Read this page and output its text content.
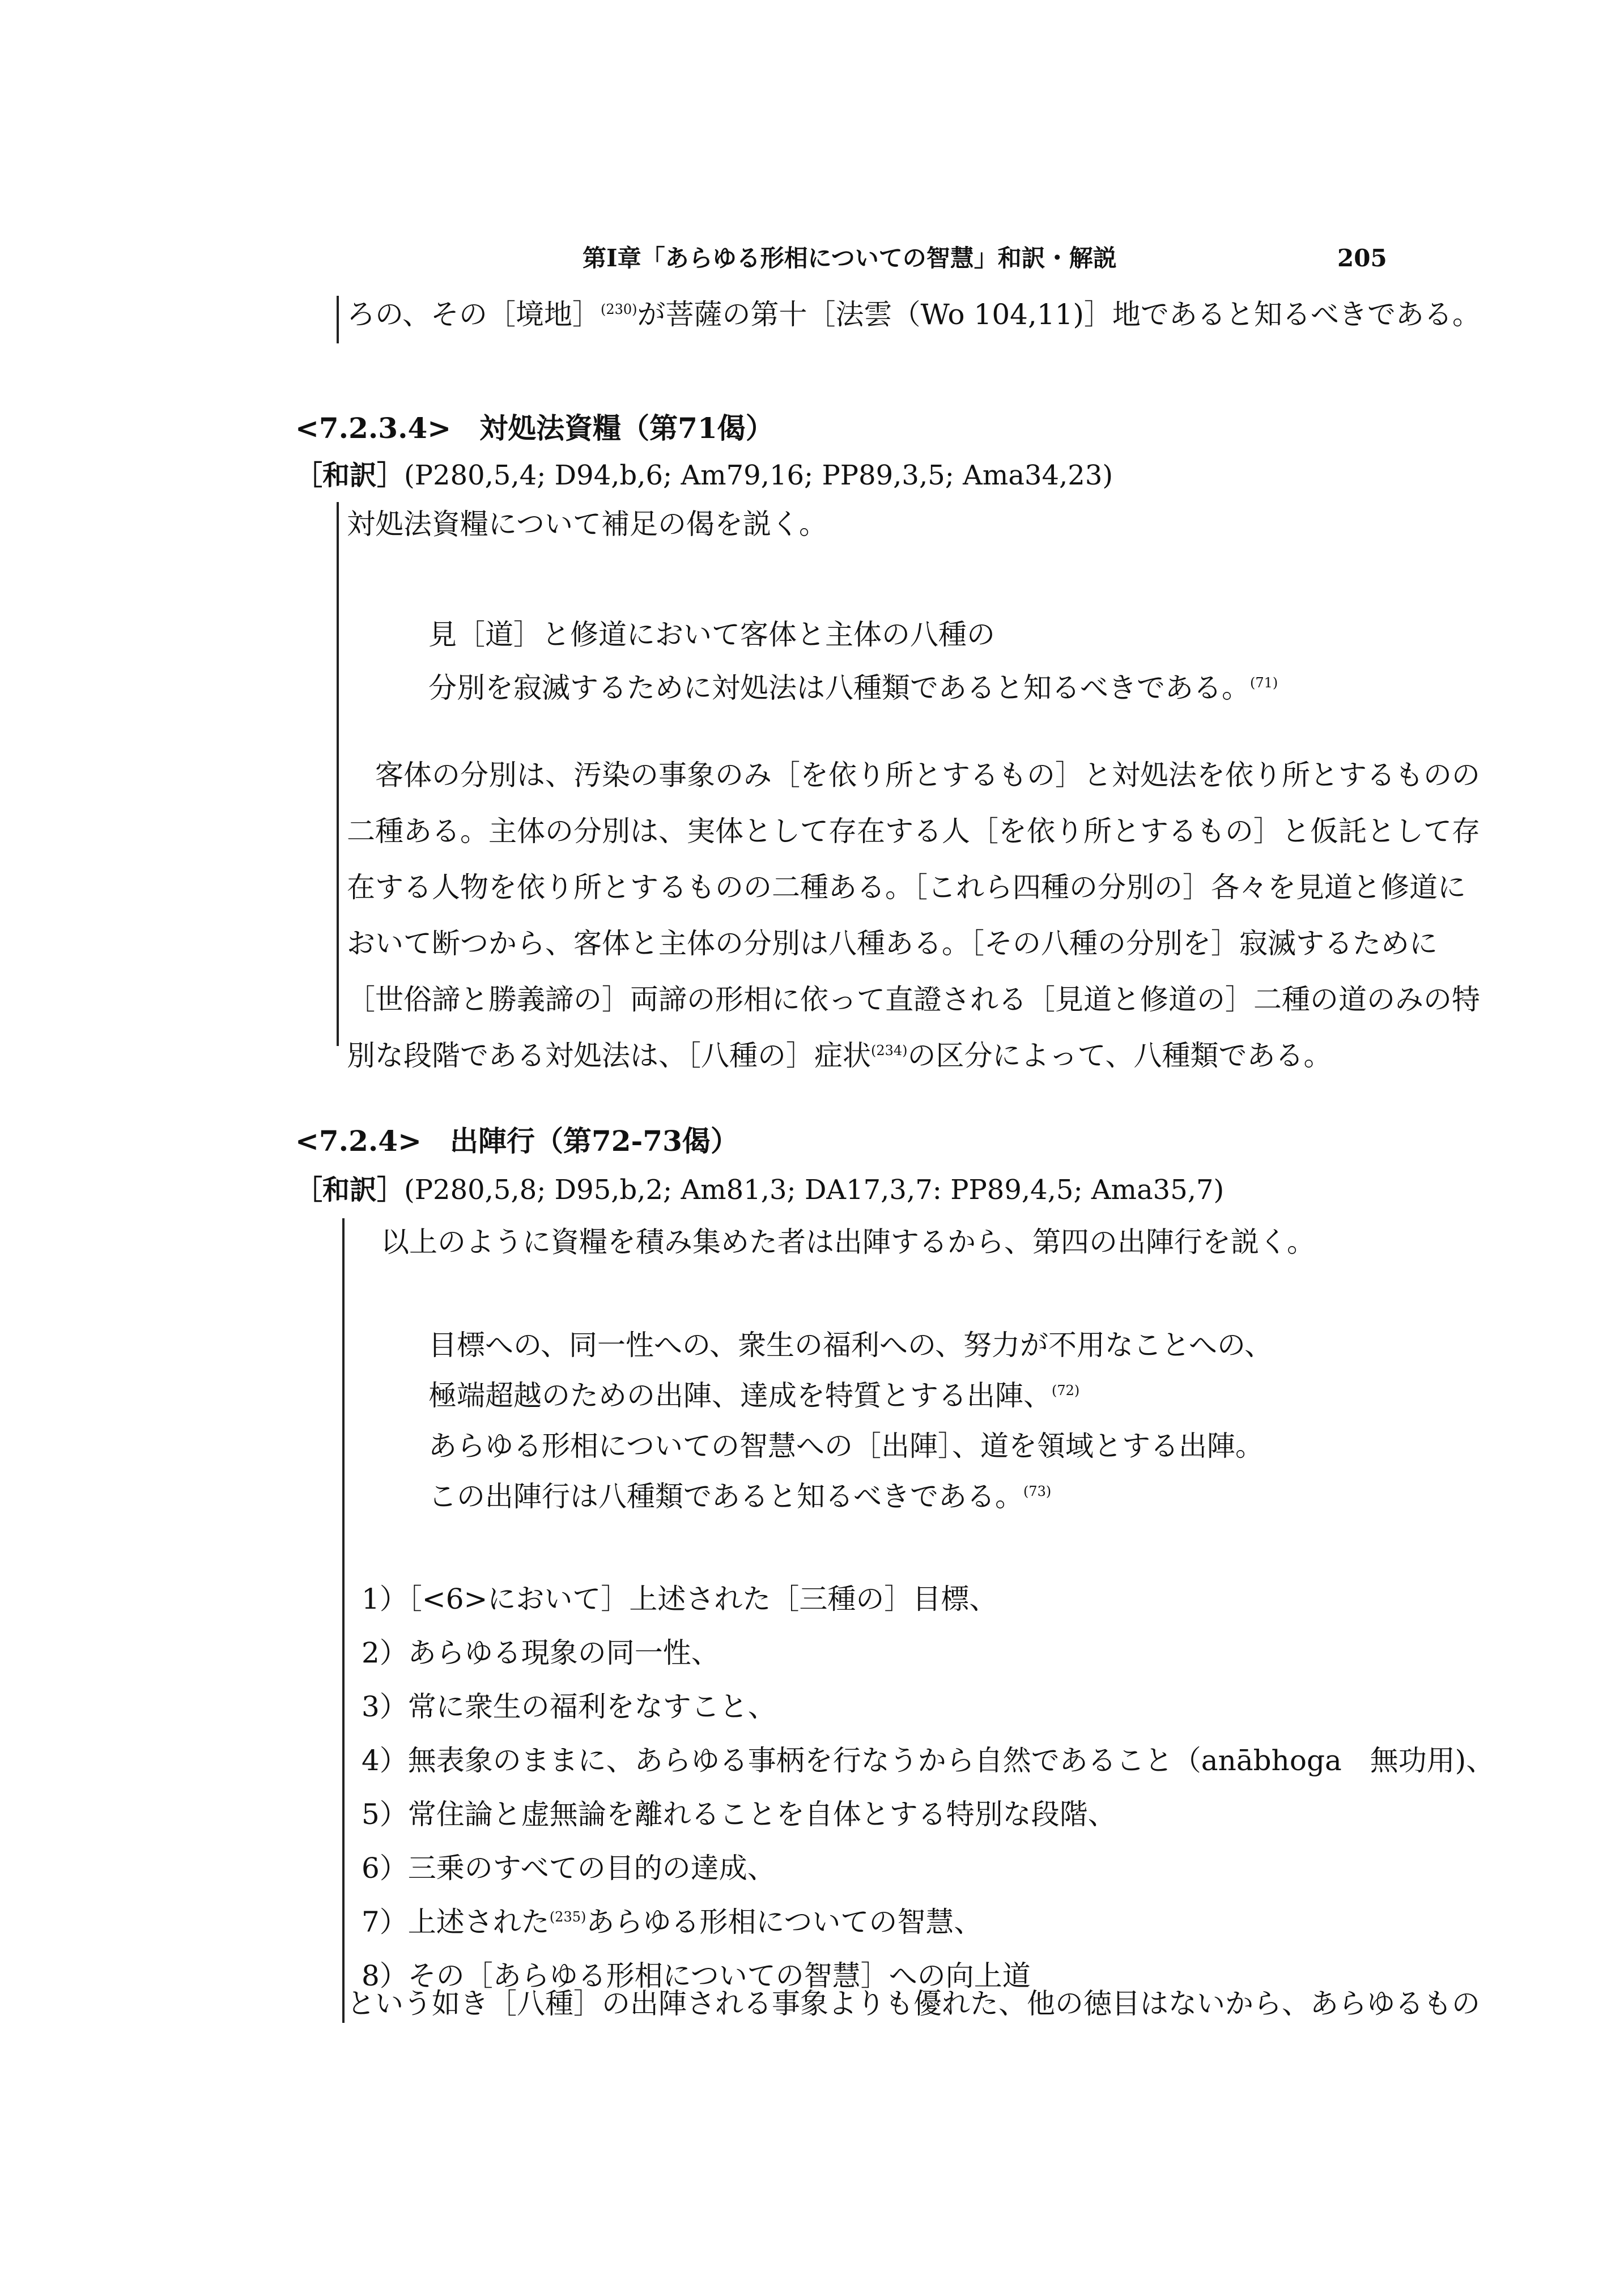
第Ⅰ章「あらゆる形相についての智慧」和訳・解説	205
ろの、その［境地］$^{(230)}$が菩薩の第十［法雲（Wo 104,11)］地であると知るべきである。
<7.2.3.4>　対処法資糧（第71偈）
［和訳］(P280,5,4; D94,b,6; Am79,16; PP89,3,5; Ama34,23)
対処法資糧について補足の偈を説く。
見［道］と修道において客体と主体の八種の
分別を寂滅するために対処法は八種類であると知るべきである。$^{(71)}$
　客体の分別は、汚染の事象のみ［を依り所とするもの］と対処法を依り所とするものの
二種ある。主体の分別は、実体として存在する人［を依り所とするもの］と仮託として存
在する人物を依り所とするものの二種ある。［これら四種の分別の］各々を見道と修道に
おいて断つから、客体と主体の分別は八種ある。［その八種の分別を］寂滅するために
［世俗諦と勝義諦の］両諦の形相に依って直證される［見道と修道の］二種の道のみの特
別な段階である対処法は、［八種の］症状$^{(234)}$の区分によって、八種類である。
<7.2.4>　出陣行（第72-73偈）
［和訳］(P280,5,8; D95,b,2; Am81,3; DA17,3,7: PP89,4,5; Ama35,7)
以上のように資糧を積み集めた者は出陣するから、第四の出陣行を説く。
目標への、同一性への、衆生の福利への、努力が不用なことへの、
極端超越のための出陣、達成を特質とする出陣、$^{(72)}$
あらゆる形相についての智慧への［出陣］、道を領域とする出陣。
この出陣行は八種類であると知るべきである。$^{(73)}$
1）［<6>において］上述された［三種の］目標、
2）あらゆる現象の同一性、
3）常に衆生の福利をなすこと、
4）無表象のままに、あらゆる事柄を行なうから自然であること（anābhoga　無功用)、
5）常住論と虚無論を離れることを自体とする特別な段階、
6）三乗のすべての目的の達成、
7）上述された$^{(235)}$あらゆる形相についての智慧、
8）その［あらゆる形相についての智慧］への向上道
という如き［八種］の出陣される事象よりも優れた、他の徳目はないから、あらゆるもの
